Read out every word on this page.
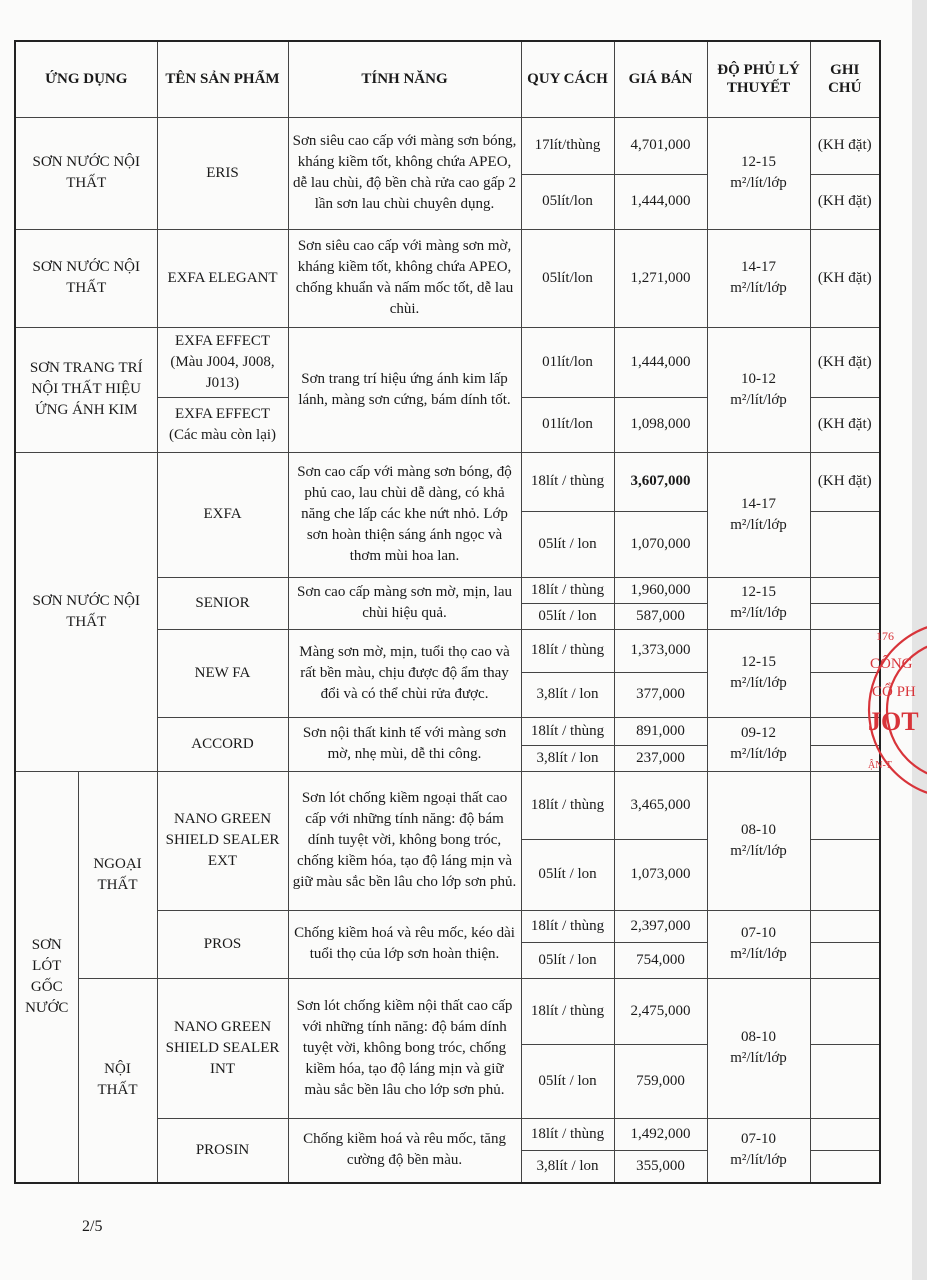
ỨNG DỤNG		TÊN SẢN PHẨM	TÍNH NĂNG	QUY CÁCH	GIÁ BÁN	ĐỘ PHỦ LÝ THUYẾT	GHI CHÚ
SƠN NƯỚC NỘI THẤT		ERIS	Sơn siêu cao cấp với màng sơn bóng, kháng kiềm tốt, không chứa APEO, dễ lau chùi, độ bền chà rửa cao gấp 2 lần sơn lau chùi chuyên dụng.	17lít/thùng	4,701,000	12-15 m²/lít/lớp	(KH đặt)
				05lít/lon	1,444,000		(KH đặt)
SƠN NƯỚC NỘI THẤT		EXFA ELEGANT	Sơn siêu cao cấp với màng sơn mờ, kháng kiềm tốt, không chứa APEO, chống khuẩn và nấm mốc tốt, dễ lau chùi.	05lít/lon	1,271,000	14-17 m²/lít/lớp	(KH đặt)
SƠN TRANG TRÍ NỘI THẤT HIỆU ỨNG ÁNH KIM		EXFA EFFECT (Màu J004, J008, J013)	Sơn trang trí hiệu ứng ánh kim lấp lánh, màng sơn cứng, bám dính tốt.	01lít/lon	1,444,000	10-12 m²/lít/lớp	(KH đặt)
		EXFA EFFECT (Các màu còn lại)		01lít/lon	1,098,000		(KH đặt)
SƠN NƯỚC NỘI THẤT		EXFA	Sơn cao cấp với màng sơn bóng, độ phủ cao, lau chùi dễ dàng, có khả năng che lấp các khe nứt nhỏ. Lớp sơn hoàn thiện sáng ánh ngọc và thơm mùi hoa lan.	18lít / thùng	3,607,000	14-17 m²/lít/lớp	(KH đặt)
				05lít / lon	1,070,000		
		SENIOR	Sơn cao cấp màng sơn mờ, mịn, lau chùi hiệu quả.	18lít / thùng	1,960,000	12-15 m²/lít/lớp	
				05lít / lon	587,000		
		NEW FA	Màng sơn mờ, mịn, tuổi thọ cao và rất bền màu, chịu được độ ẩm thay đổi và có thể chùi rửa được.	18lít / thùng	1,373,000	12-15 m²/lít/lớp	
				3,8lít / lon	377,000		
		ACCORD	Sơn nội thất kinh tế với màng sơn mờ, nhẹ mùi, dễ thi công.	18lít / thùng	891,000	09-12 m²/lít/lớp	
				3,8lít / lon	237,000		
SƠN LÓT GỐC NƯỚC	NGOẠI THẤT	NANO GREEN SHIELD SEALER EXT	Sơn lót chống kiềm ngoại thất cao cấp với những tính năng: độ bám dính tuyệt vời, không bong tróc, chống kiềm hóa, tạo độ láng mịn và giữ màu sắc bền lâu cho lớp sơn phủ.	18lít / thùng	3,465,000	08-10 m²/lít/lớp	
				05lít / lon	1,073,000		
		PROS	Chống kiềm hoá và rêu mốc, kéo dài tuổi thọ của lớp sơn hoàn thiện.	18lít / thùng	2,397,000	07-10 m²/lít/lớp	
				05lít / lon	754,000		
	NỘI THẤT	NANO GREEN SHIELD SEALER INT	Sơn lót chống kiềm nội thất cao cấp với những tính năng: độ bám dính tuyệt vời, không bong tróc, chống kiềm hóa, tạo độ láng mịn và giữ màu sắc bền lâu cho lớp sơn phủ.	18lít / thùng	2,475,000	08-10 m²/lít/lớp	
				05lít / lon	759,000		
		PROSIN	Chống kiềm hoá và rêu mốc, tăng cường độ bền màu.	18lít / thùng	1,492,000	07-10 m²/lít/lớp	
				3,8lít / lon	355,000		
176
CÔNG
CỔ PH
JOT
ẬN-T
2/5
